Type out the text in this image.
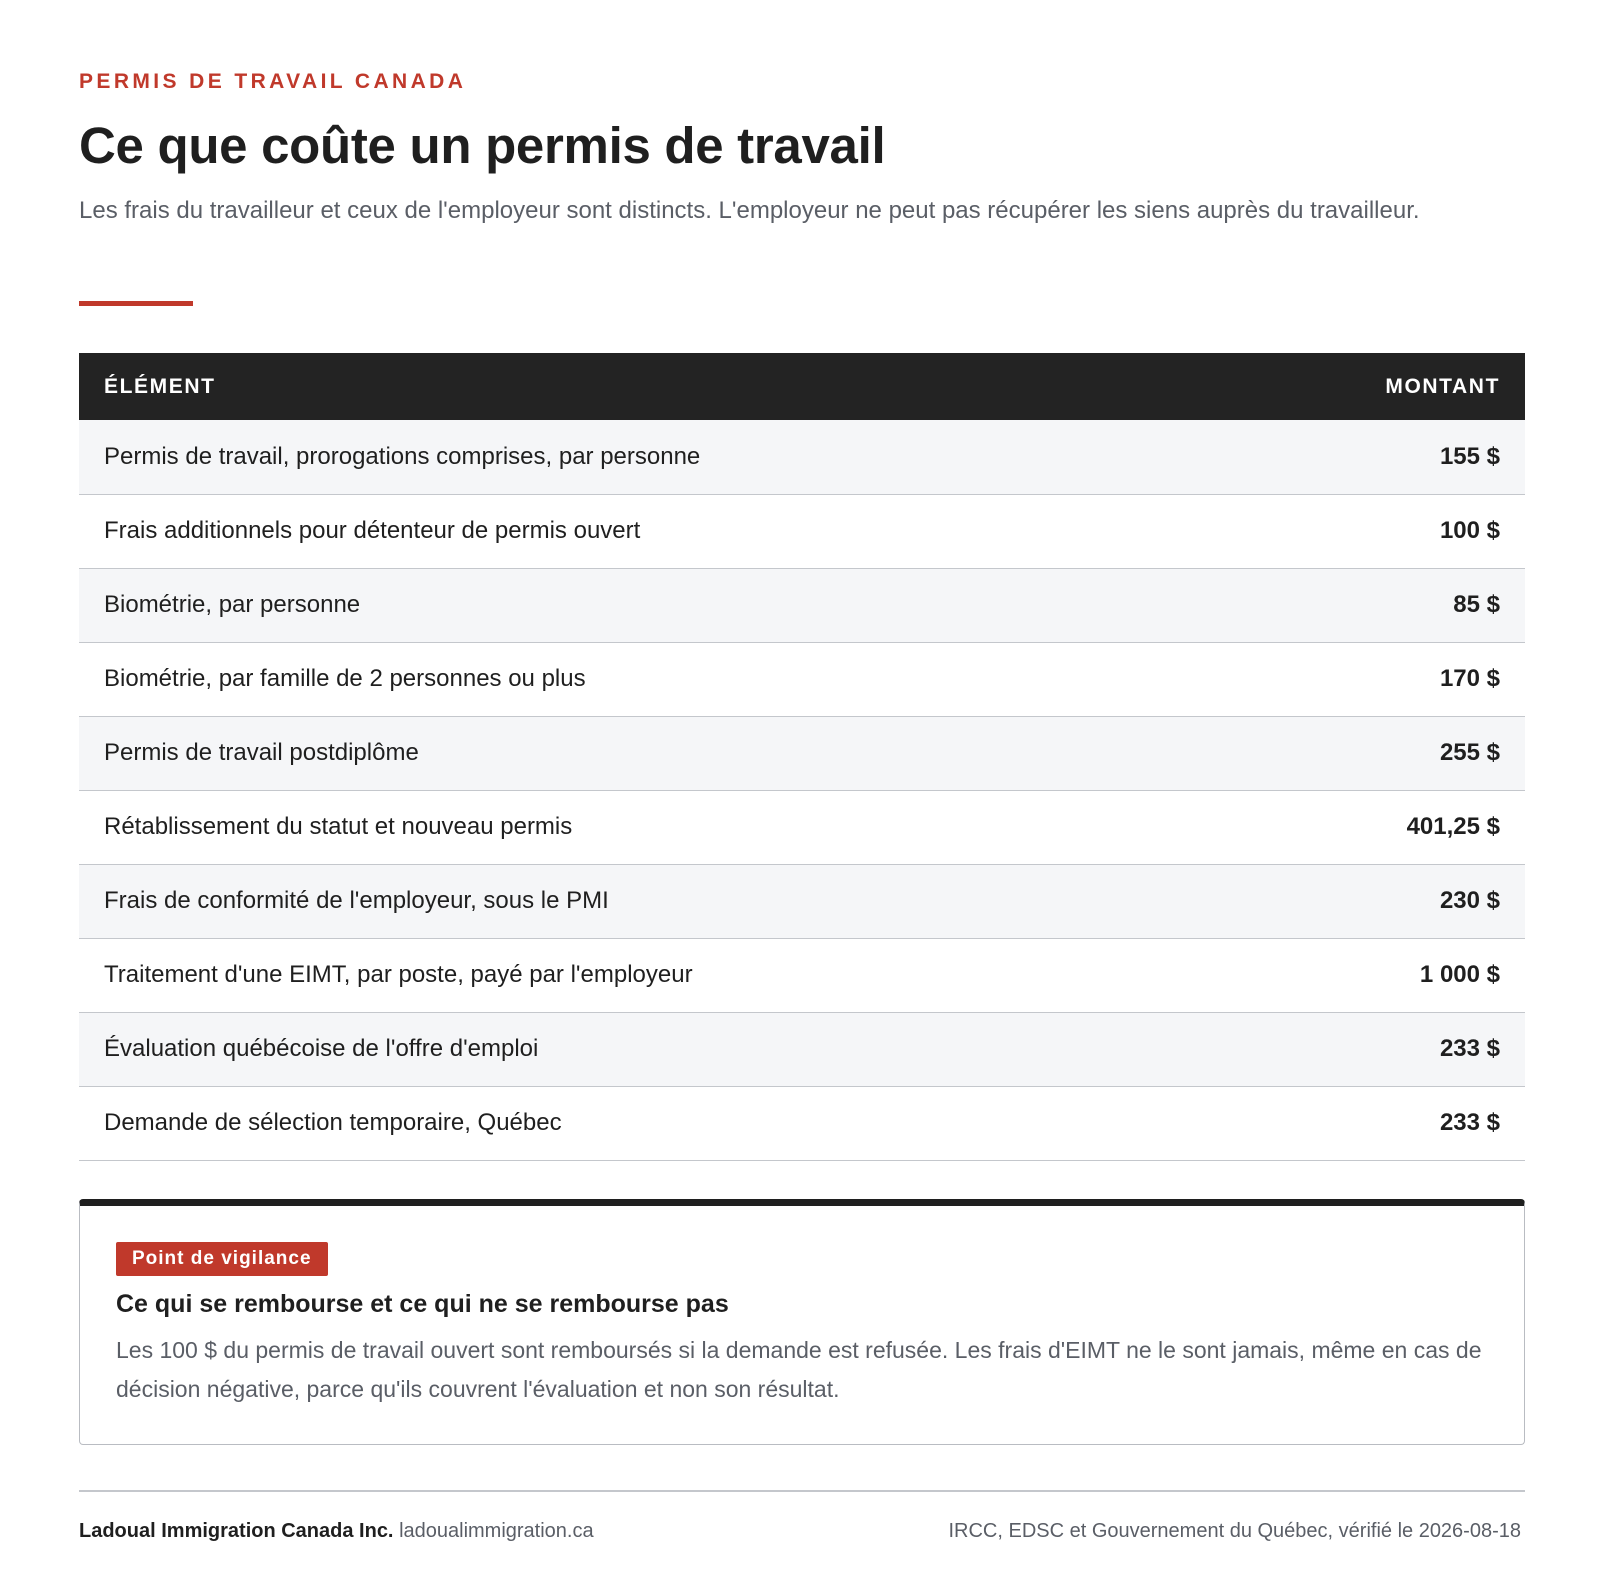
PERMIS DE TRAVAIL CANADA
Ce que coûte un permis de travail

Les frais du travailleur et ceux de l'employeur sont distincts. L'employeur ne peut pas récupérer les siens auprès du travailleur.

ÉLÉMENT	MONTANT
Permis de travail, prorogations comprises, par personne	155 $
Frais additionnels pour détenteur de permis ouvert	100 $
Biométrie, par personne	85 $
Biométrie, par famille de 2 personnes ou plus	170 $
Permis de travail postdiplôme	255 $
Rétablissement du statut et nouveau permis	401,25 $
Frais de conformité de l'employeur, sous le PMI	230 $
Traitement d'une EIMT, par poste, payé par l'employeur	1 000 $
Évaluation québécoise de l'offre d'emploi	233 $
Demande de sélection temporaire, Québec	233 $
Point de vigilance
Ce qui se rembourse et ce qui ne se rembourse pas

Les 100 $ du permis de travail ouvert sont remboursés si la demande est refusée. Les frais d'EIMT ne le sont jamais, même en cas de décision négative, parce qu'ils couvrent l'évaluation et non son résultat.

Ladoual Immigration Canada Inc. ladoualimmigration.ca	IRCC, EDSC et Gouvernement du Québec, vérifié le 2026-08-18
